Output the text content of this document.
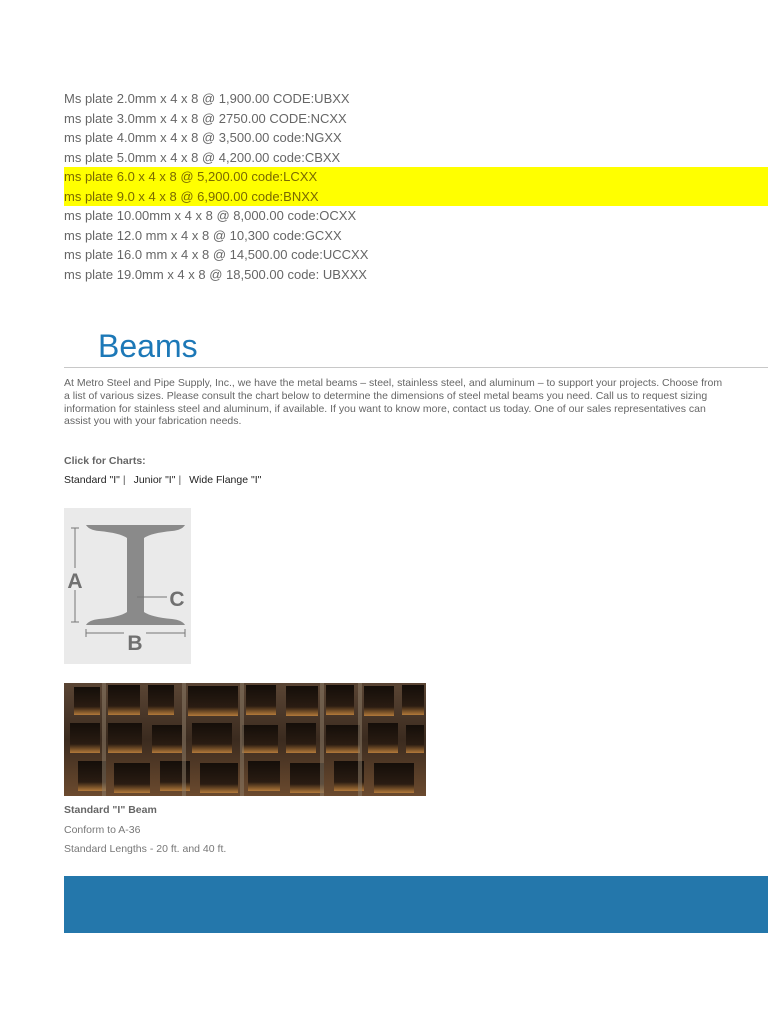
Ms plate 2.0mm x 4 x 8 @ 1,900.00 CODE:UBXX
ms plate 3.0mm x 4 x 8 @ 2750.00 CODE:NCXX
ms plate 4.0mm x 4 x 8 @ 3,500.00 code:NGXX
ms plate 5.0mm x 4 x 8 @ 4,200.00 code:CBXX
ms plate 6.0 x 4 x 8 @ 5,200.00 code:LCXX
ms plate 9.0 x 4 x 8 @ 6,900.00 code:BNXX
ms plate 10.00mm x 4 x 8 @ 8,000.00 code:OCXX
ms plate 12.0 mm x 4 x 8 @ 10,300 code:GCXX
ms plate 16.0 mm x 4 x 8 @ 14,500.00 code:UCCXX
ms plate 19.0mm x 4 x 8 @ 18,500.00 code: UBXXX
Beams

At Metro Steel and Pipe Supply, Inc., we have the metal beams – steel, stainless steel, and aluminum – to support your projects. Choose from
a list of various sizes. Please consult the chart below to determine the dimensions of steel metal beams you need. Call us to request sizing
information for stainless steel and aluminum, if available. If you want to know more, contact us today. One of our sales representatives can
assist you with your fabrication needs.

Click for Charts:

Standard "I" | Junior "I" | Wide Flange "I"
A
C
B

Standard "I" Beam

Conform to A-36

Standard Lengths - 20 ft. and 40 ft.
